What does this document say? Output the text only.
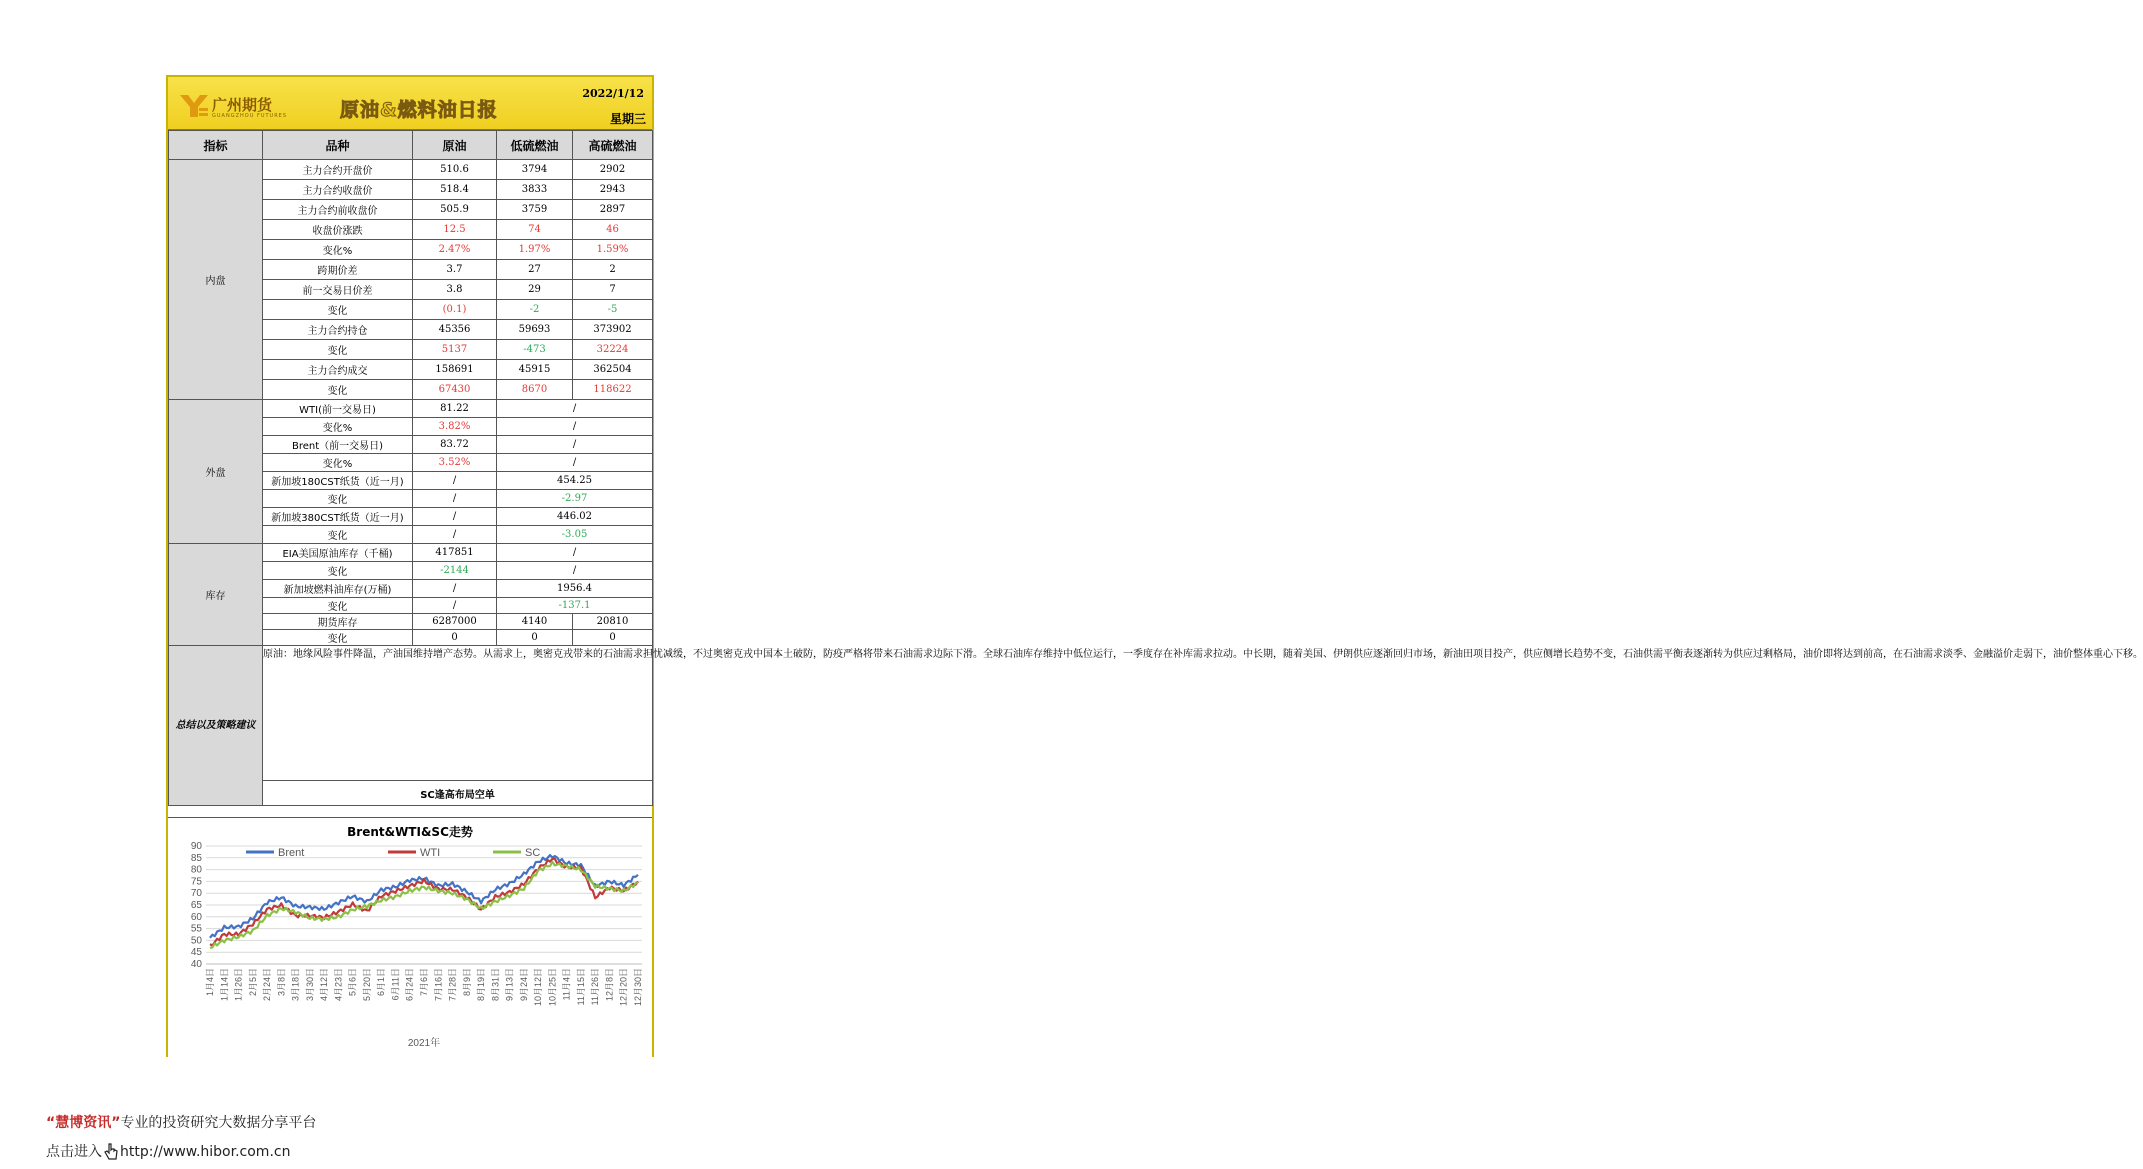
广州期货
GUANGZHOU FUTURES	原油&燃料油日报
2022/1/12
星期三
指标	品种	原油	低硫燃油	高硫燃油
内盘	主力合约开盘价	510.6	3794	2902
	主力合约收盘价	518.4	3833	2943
	主力合约前收盘价	505.9	3759	2897
	收盘价涨跌	12.5	74	46
	变化%	2.47%	1.97%	1.59%
	跨期价差	3.7	27	2
	前一交易日价差	3.8	29	7
	变化	(0.1)	-2	-5
	主力合约持仓	45356	59693	373902
	变化	5137	-473	32224
	主力合约成交	158691	45915	362504
	变化	67430	8670	118622
外盘	WTI(前一交易日)	81.22	/	
	变化%	3.82%	/	
	Brent（前一交易日)	83.72	/	
	变化%	3.52%	/	
	新加坡180CST纸货（近一月)	/	454.25	
	变化	/	-2.97	
	新加坡380CST纸货（近一月)	/	446.02	
	变化	/	-3.05	
库存	EIA美国原油库存（千桶)	417851	/	
	变化	-2144	/	
	新加坡燃料油库存(万桶)	/	1956.4	
	变化	/	-137.1	
	期货库存	6287000	4140	20810
	变化	0	0	0
总结以及策略建议	原油：地缘风险事件降温，产油国维持增产态势。从需求上，奥密克戎带来的石油需求担忧减缓，不过奥密克戎中国本土破防，防疫严格将带来石油需求边际下滑。全球石油库存维持中低位运行，一季度存在补库需求拉动。中长期，随着美国、伊朗供应逐渐回归市场，新油田项目投产，供应侧增长趋势不变，石油供需平衡表逐渐转为供应过剩格局，油价即将达到前高，在石油需求淡季、金融溢价走弱下，油价整体重心下移。			
	SC逢高布局空单			
Brent&WTI&SC走势
40
45
50
55
60
65
70
75
80
85
90
1月4日 1月14日 1月26日 2月5日 2月24日 3月8日 3月18日 3月30日 4月12日 4月23日 5月6日 5月20日 6月1日 6月11日 6月24日 7月6日 7月16日 7月28日 8月9日 8月19日 8月31日 9月13日 9月24日 10月12日 10月25日 11月4日 11月15日 11月26日 12月8日 12月20日 12月30日
2021年
Brent	WTI	SC
“慧博资讯”专业的投资研究大数据分享平台
点击进入 http://www.hibor.com.cn
